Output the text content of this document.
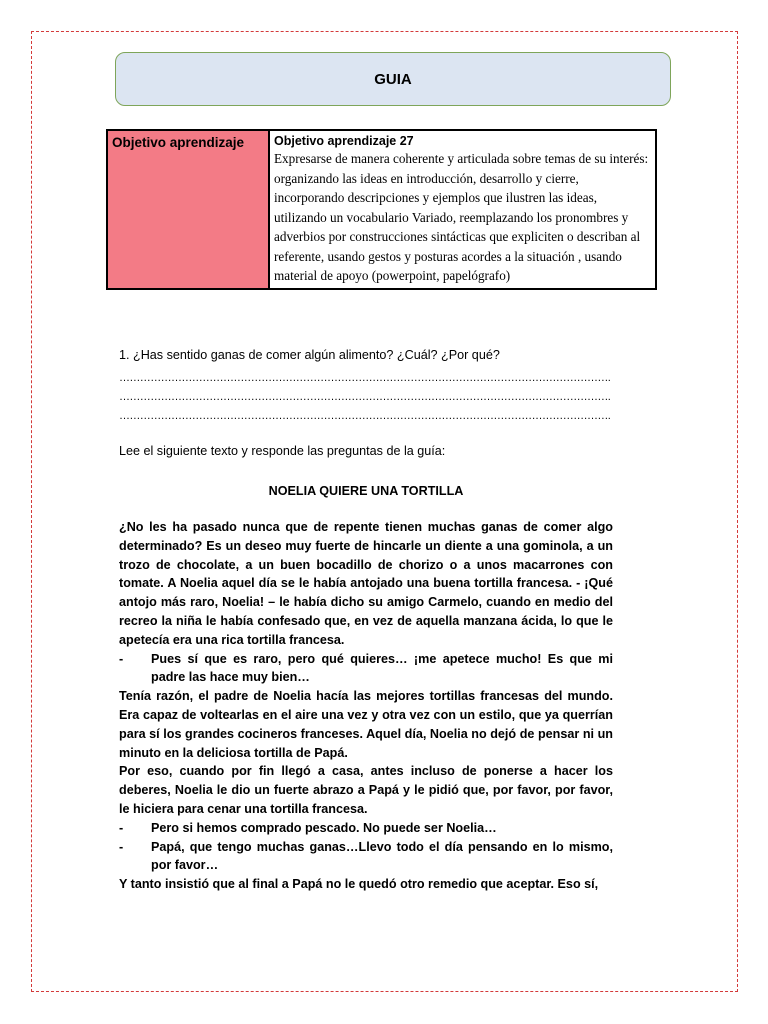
GUIA
Objetivo aprendizaje	Objetivo aprendizaje 27
Expresarse de manera coherente y articulada sobre temas de su interés: organizando las ideas en introducción, desarrollo y cierre, incorporando descripciones y ejemplos que ilustren las ideas, utilizando un vocabulario Variado, reemplazando los pronombres y adverbios por construcciones sintácticas que expliciten o describan al referente, usando gestos y posturas acordes a la situación , usando material de apoyo (powerpoint, papelógrafo)
1. ¿Has sentido ganas de comer algún alimento? ¿Cuál? ¿Por qué?
…………………………………………………………………………………………………………………………….
…………………………………………………………………………………………………………………………….
…………………………………………………………………………………………………………………………….
Lee el siguiente texto y responde las preguntas de la guía:
NOELIA QUIERE UNA TORTILLA

¿No les ha pasado nunca que de repente tienen muchas ganas de comer algo determinado? Es un deseo muy fuerte de hincarle un diente a una gominola, a un trozo de chocolate, a un buen bocadillo de chorizo o a unos macarrones con tomate. A Noelia aquel día se le había antojado una buena tortilla francesa. - ¡Qué antojo más raro, Noelia! – le había dicho su amigo Carmelo, cuando en medio del recreo la niña le había confesado que, en vez de aquella manzana ácida, lo que le apetecía era una rica tortilla francesa.

-	Pues sí que es raro, pero qué quieres… ¡me apetece mucho! Es que mi padre las hace muy bien…

Tenía razón, el padre de Noelia hacía las mejores tortillas francesas del mundo. Era capaz de voltearlas en el aire una vez y otra vez con un estilo, que ya querrían para sí los grandes cocineros franceses. Aquel día, Noelia no dejó de pensar ni un minuto en la deliciosa tortilla de Papá.

Por eso, cuando por fin llegó a casa, antes incluso de ponerse a hacer los deberes, Noelia le dio un fuerte abrazo a Papá y le pidió que, por favor, por favor, le hiciera para cenar una tortilla francesa.

-	Pero si hemos comprado pescado. No puede ser Noelia…
-	Papá, que tengo muchas ganas…Llevo todo el día pensando en lo mismo, por favor…

Y tanto insistió que al final a Papá no le quedó otro remedio que aceptar. Eso sí,
